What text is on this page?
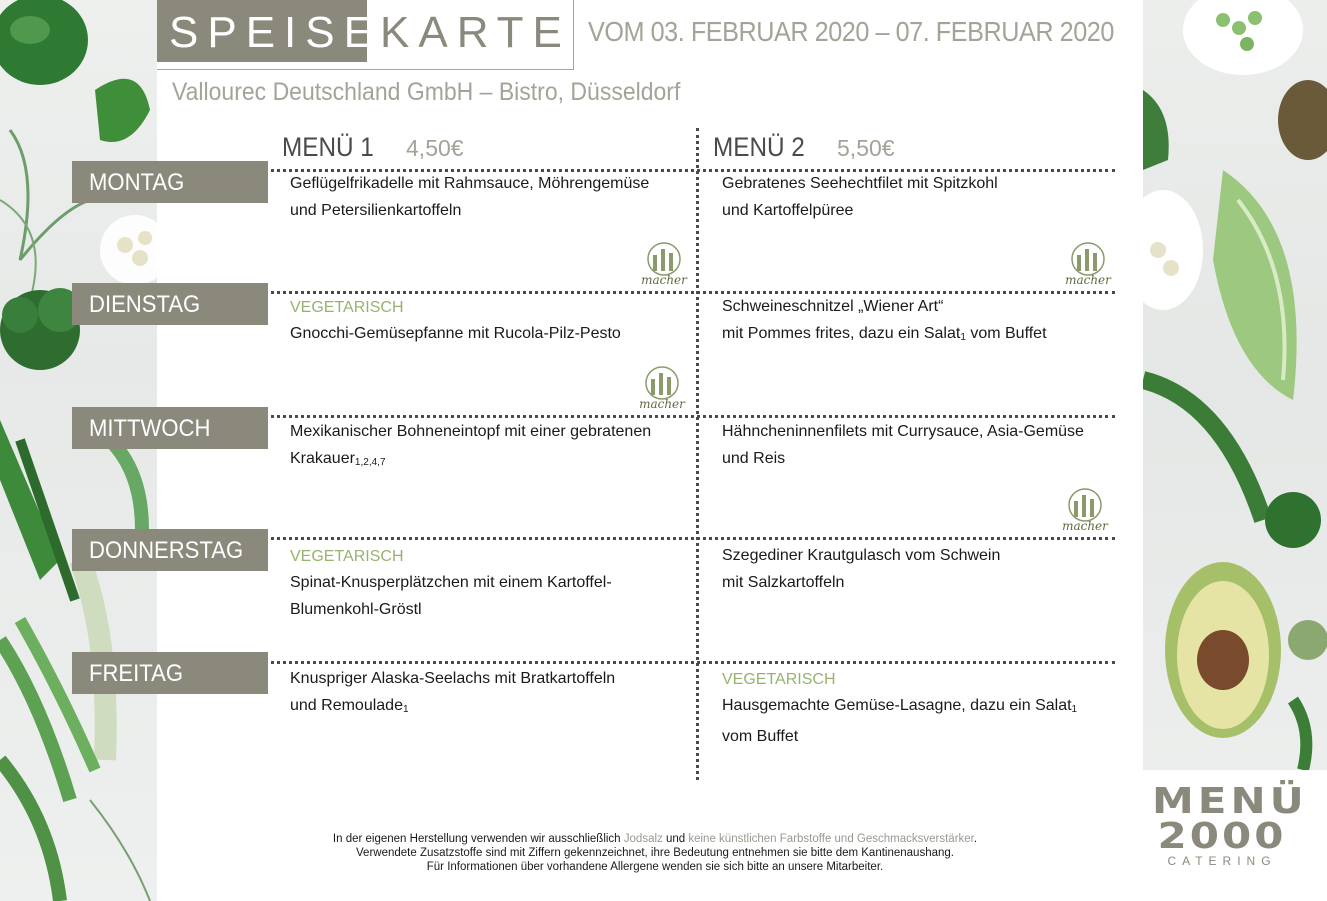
SPEISE
KARTE VOM 03. FEBRUAR 2020 – 07. FEBRUAR 2020
Vallourec Deutschland GmbH – Bistro, Düsseldorf
MENÜ 1 4,50€	MENÜ 2 5,50€
MONTAG
DIENSTAG
MITTWOCH
DONNERSTAG
FREITAG
Geflügelfrikadelle mit Rahmsauce, Möhrengemüse
und Petersilienkartoffeln
Gebratenes Seehechtfilet mit Spitzkohl
und Kartoffelpüree
VEGETARISCH
Gnocchi-Gemüsepfanne mit Rucola-Pilz-Pesto
Schweineschnitzel „Wiener Art“
mit Pommes frites, dazu ein Salat$_1$ vom Buffet
Mexikanischer Bohneneintopf mit einer gebratenen
Krakauer$_{1,2,4,7}$
Hähncheninnenfilets mit Currysauce, Asia-Gemüse
und Reis
VEGETARISCH
Spinat-Knusperplätzchen mit einem Kartoffel-
Blumenkohl-Gröstl
Szegediner Krautgulasch vom Schwein
mit Salzkartoffeln
Knuspriger Alaska-Seelachs mit Bratkartoffeln
und Remoulade$_1$
VEGETARISCH
Hausgemachte Gemüse-Lasagne, dazu ein Salat$_1$
vom Buffet
macher	macher
macher
macher
In der eigenen Herstellung verwenden wir ausschließlich Jodsalz und keine künstlichen Farbstoffe und Geschmacksverstärker.
Verwendete Zusatzstoffe sind mit Ziffern gekennzeichnet, ihre Bedeutung entnehmen sie bitte dem Kantinenaushang.
Für Informationen über vorhandene Allergene wenden sie sich bitte an unsere Mitarbeiter.
MENÜ
2000
CATERING
